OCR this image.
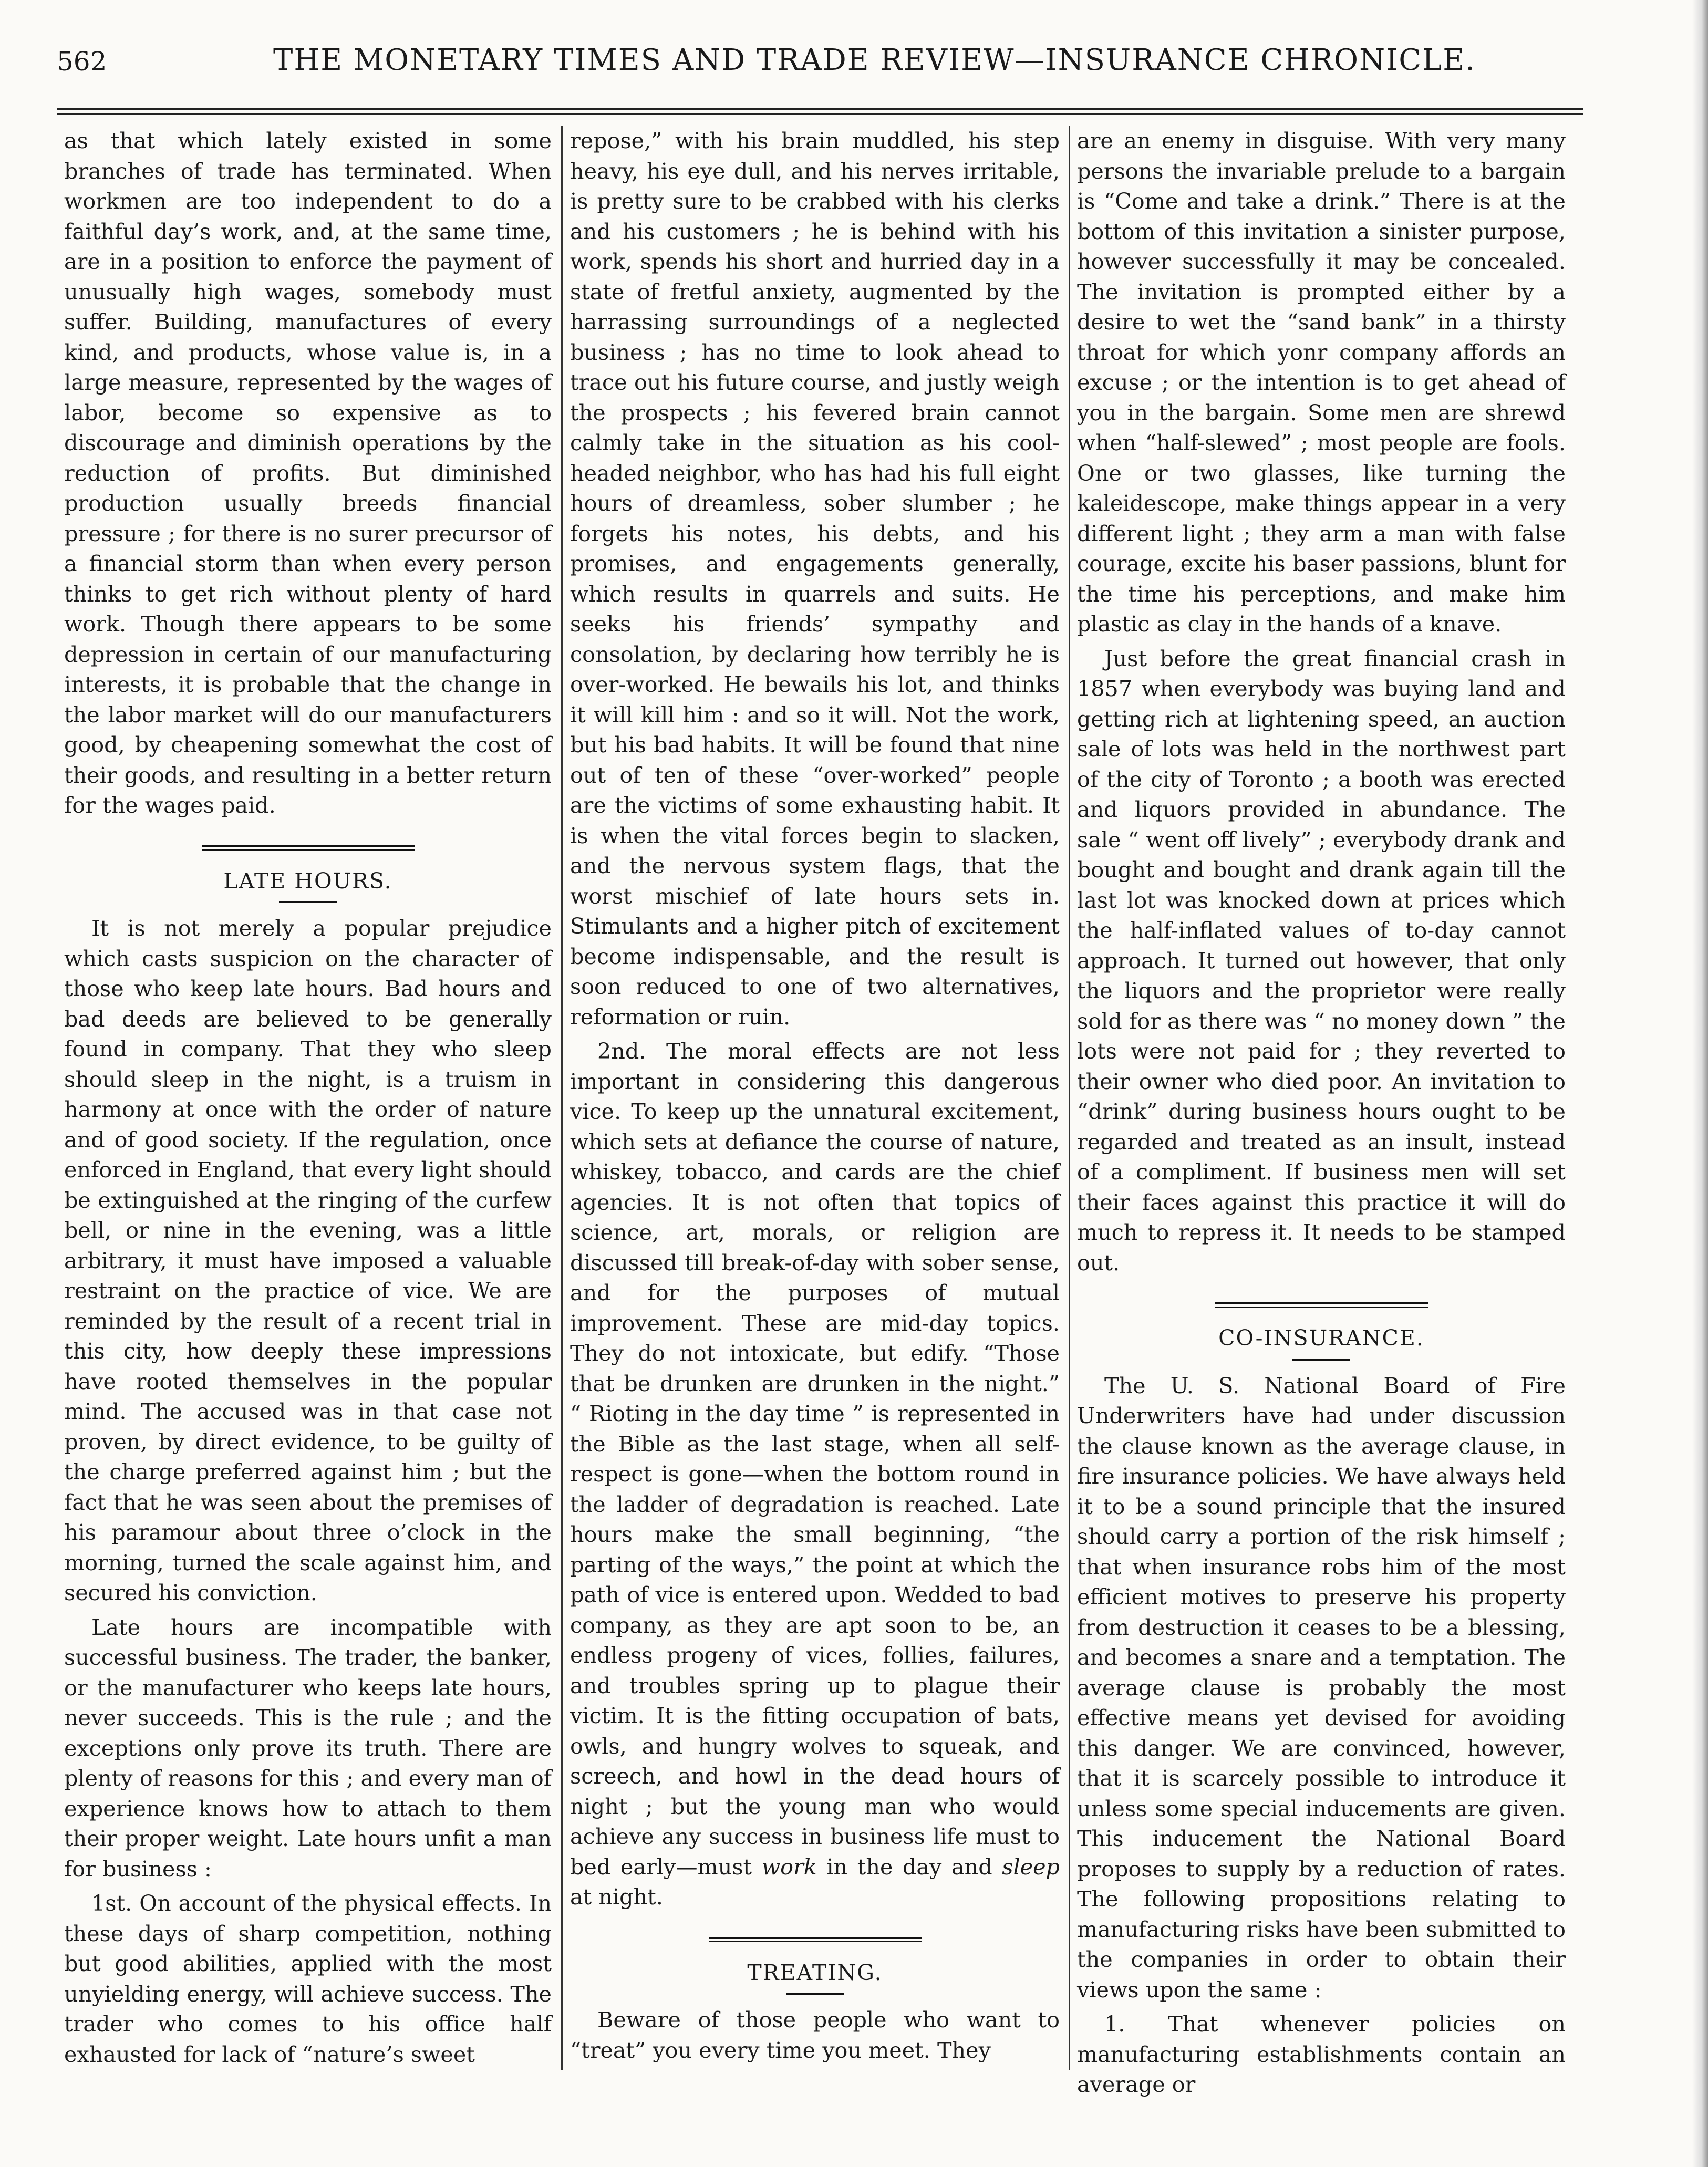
562	THE MONETARY TIMES AND TRADE REVIEW—INSURANCE CHRONICLE.

as that which lately existed in some branches of trade has terminated. When workmen are too independent to do a faithful day’s work, and, at the same time, are in a position to enforce the payment of unusually high wages, somebody must suffer. Building, manufactures of every kind, and products, whose value is, in a large measure, represented by the wages of labor, become so expensive as to discourage and diminish operations by the reduction of profits. But diminished production usually breeds financial pressure ; for there is no surer precursor of a financial storm than when every person thinks to get rich without plenty of hard work. Though there appears to be some depression in certain of our manufacturing interests, it is probable that the change in the labor market will do our manufacturers good, by cheapening somewhat the cost of their goods, and resulting in a better return for the wages paid.

LATE HOURS.

It is not merely a popular prejudice which casts suspicion on the character of those who keep late hours. Bad hours and bad deeds are believed to be generally found in company. That they who sleep should sleep in the night, is a truism in harmony at once with the order of nature and of good society. If the regulation, once enforced in England, that every light should be extinguished at the ringing of the curfew bell, or nine in the evening, was a little arbitrary, it must have imposed a valuable restraint on the practice of vice. We are reminded by the result of a recent trial in this city, how deeply these impressions have rooted themselves in the popular mind. The accused was in that case not proven, by direct evidence, to be guilty of the charge preferred against him ; but the fact that he was seen about the premises of his paramour about three o’clock in the morning, turned the scale against him, and secured his conviction.

Late hours are incompatible with successful business. The trader, the banker, or the manufacturer who keeps late hours, never succeeds. This is the rule ; and the exceptions only prove its truth. There are plenty of reasons for this ; and every man of experience knows how to attach to them their proper weight. Late hours unfit a man for business :

1st. On account of the physical effects. In these days of sharp competition, nothing but good abilities, applied with the most unyielding energy, will achieve success. The trader who comes to his office half exhausted for lack of “nature’s sweet

repose,” with his brain muddled, his step heavy, his eye dull, and his nerves irritable, is pretty sure to be crabbed with his clerks and his customers ; he is behind with his work, spends his short and hurried day in a state of fretful anxiety, augmented by the harrassing surroundings of a neglected business ; has no time to look ahead to trace out his future course, and justly weigh the prospects ; his fevered brain cannot calmly take in the situation as his cool-headed neighbor, who has had his full eight hours of dreamless, sober slumber ; he forgets his notes, his debts, and his promises, and engagements generally, which results in quarrels and suits. He seeks his friends’ sympathy and consolation, by declaring how terribly he is over-worked. He bewails his lot, and thinks it will kill him : and so it will. Not the work, but his bad habits. It will be found that nine out of ten of these “over-worked” people are the victims of some exhausting habit. It is when the vital forces begin to slacken, and the nervous system flags, that the worst mischief of late hours sets in. Stimulants and a higher pitch of excitement become indispensable, and the result is soon reduced to one of two alternatives, reformation or ruin.

2nd. The moral effects are not less important in considering this dangerous vice. To keep up the unnatural excitement, which sets at defiance the course of nature, whiskey, tobacco, and cards are the chief agencies. It is not often that topics of science, art, morals, or religion are discussed till break-of-day with sober sense, and for the purposes of mutual improvement. These are mid-day topics. They do not intoxicate, but edify. “Those that be drunken are drunken in the night.” “ Rioting in the day time ” is represented in the Bible as the last stage, when all self-respect is gone—when the bottom round in the ladder of degradation is reached. Late hours make the small beginning, “the parting of the ways,” the point at which the path of vice is entered upon. Wedded to bad company, as they are apt soon to be, an endless progeny of vices, follies, failures, and troubles spring up to plague their victim. It is the fitting occupation of bats, owls, and hungry wolves to squeak, and screech, and howl in the dead hours of night ; but the young man who would achieve any success in business life must to bed early—must work in the day and sleep at night.

TREATING.

Beware of those people who want to “treat” you every time you meet. They

are an enemy in disguise. With very many persons the invariable prelude to a bargain is “Come and take a drink.” There is at the bottom of this invitation a sinister purpose, however successfully it may be concealed. The invitation is prompted either by a desire to wet the “sand bank” in a thirsty throat for which yonr company affords an excuse ; or the intention is to get ahead of you in the bargain. Some men are shrewd when “half-slewed” ; most people are fools. One or two glasses, like turning the kaleidescope, make things appear in a very different light ; they arm a man with false courage, excite his baser passions, blunt for the time his perceptions, and make him plastic as clay in the hands of a knave.

Just before the great financial crash in 1857 when everybody was buying land and getting rich at lightening speed, an auction sale of lots was held in the northwest part of the city of Toronto ; a booth was erected and liquors provided in abundance. The sale “ went off lively” ; everybody drank and bought and bought and drank again till the last lot was knocked down at prices which the half-inflated values of to-day cannot approach. It turned out however, that only the liquors and the proprietor were really sold for as there was “ no money down ” the lots were not paid for ; they reverted to their owner who died poor. An invitation to “drink” during business hours ought to be regarded and treated as an insult, instead of a compliment. If business men will set their faces against this practice it will do much to repress it. It needs to be stamped out.

CO-INSURANCE.

The U. S. National Board of Fire Underwriters have had under discussion the clause known as the average clause, in fire insurance policies. We have always held it to be a sound principle that the insured should carry a portion of the risk himself ; that when insurance robs him of the most efficient motives to preserve his property from destruction it ceases to be a blessing, and becomes a snare and a temptation. The average clause is probably the most effective means yet devised for avoiding this danger. We are convinced, however, that it is scarcely possible to introduce it unless some special inducements are given. This inducement the National Board proposes to supply by a reduction of rates. The following propositions relating to manufacturing risks have been submitted to the companies in order to obtain their views upon the same :

1. That whenever policies on manufacturing establishments contain an average or
